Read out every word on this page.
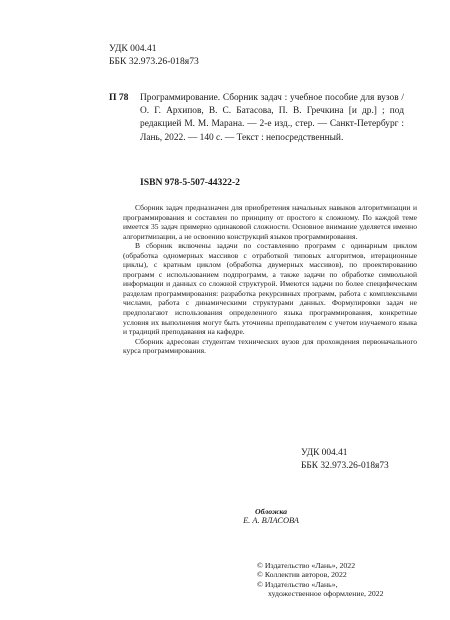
УДК 004.41
ББК 32.973.26-018я73
П 78 Программирование. Сборник задач : учебное пособие для вузов / О. Г. Архипов, В. С. Батасова, П. В. Гречкина [и др.] ; под редакцией М. М. Марана. — 2-е изд., стер. — Санкт-Петербург : Лань, 2022. — 140 с. — Текст : непосредственный.
ISBN 978-5-507-44322-2

Сборник задач предназначен для приобретения начальных навыков алгоритмизации и программирования и составлен по принципу от простого к сложному. По каждой теме имеется 35 задач примерно одинаковой сложности. Основное внимание уделяется именно алгоритмизации, а не освоению конструкций языков программирования.

В сборник включены задачи по составлению программ с одинарным циклом (обработка одномерных массивов с отработкой типовых алгоритмов, итерационные циклы), с кратным циклом (обработка двумерных массивов), по проектированию программ с использованием подпрограмм, а также задачи по обработке символьной информации и данных со сложной структурой. Имеются задачи по более специфическим разделам программирования: разработка рекурсивных программ, работа с комплексными числами, работа с динамическими структурами данных. Формулировки задач не предполагают использования определенного языка программирования, конкретные условия их выполнения могут быть уточнены преподавателем с учетом изучаемого языка и традиций преподавания на кафедре.

Сборник адресован студентам технических вузов для прохождения первоначального курса программирования.

УДК 004.41
ББК 32.973.26-018я73
Обложка
Е. А. ВЛАСОВА
© Издательство «Лань», 2022
© Коллектив авторов, 2022
© Издательство «Лань»,
художественное оформление, 2022
